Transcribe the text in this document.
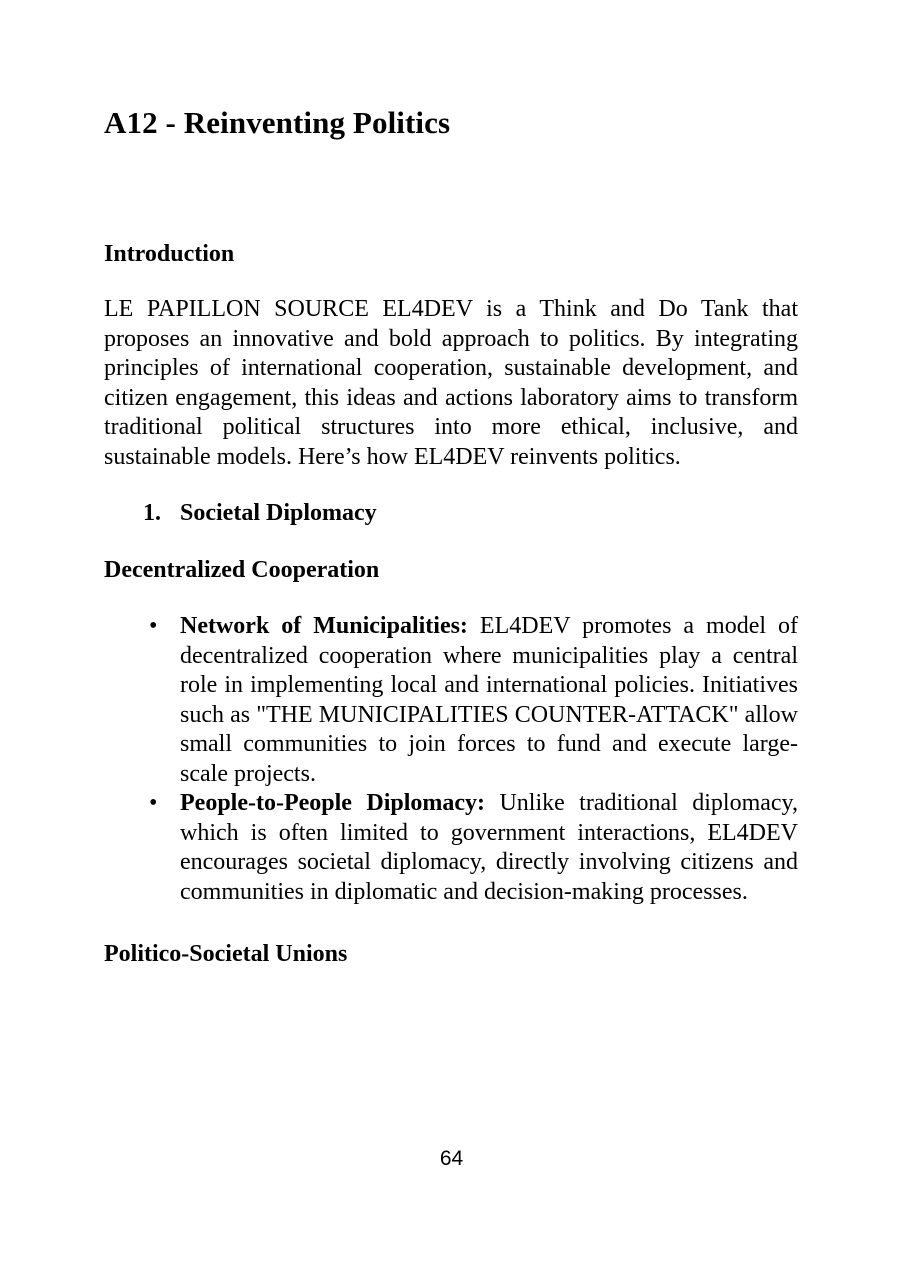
A12 - Reinventing Politics
Introduction

LE PAPILLON SOURCE EL4DEV is a Think and Do Tank that proposes an innovative and bold approach to politics. By integrating principles of international cooperation, sustainable development, and citizen engagement, this ideas and actions laboratory aims to transform traditional political structures into more ethical, inclusive, and sustainable models. Here’s how EL4DEV reinvents politics.

Societal Diplomacy
Decentralized Cooperation
• Network of Municipalities: EL4DEV promotes a model of decentralized cooperation where municipalities play a central role in implementing local and international policies. Initiatives such as "THE MUNICIPALITIES COUNTER-ATTACK" allow small communities to join forces to fund and execute large-scale projects.
• People-to-People Diplomacy: Unlike traditional diplomacy, which is often limited to government interactions, EL4DEV encourages societal diplomacy, directly involving citizens and communities in diplomatic and decision-making processes.
Politico-Societal Unions
64
